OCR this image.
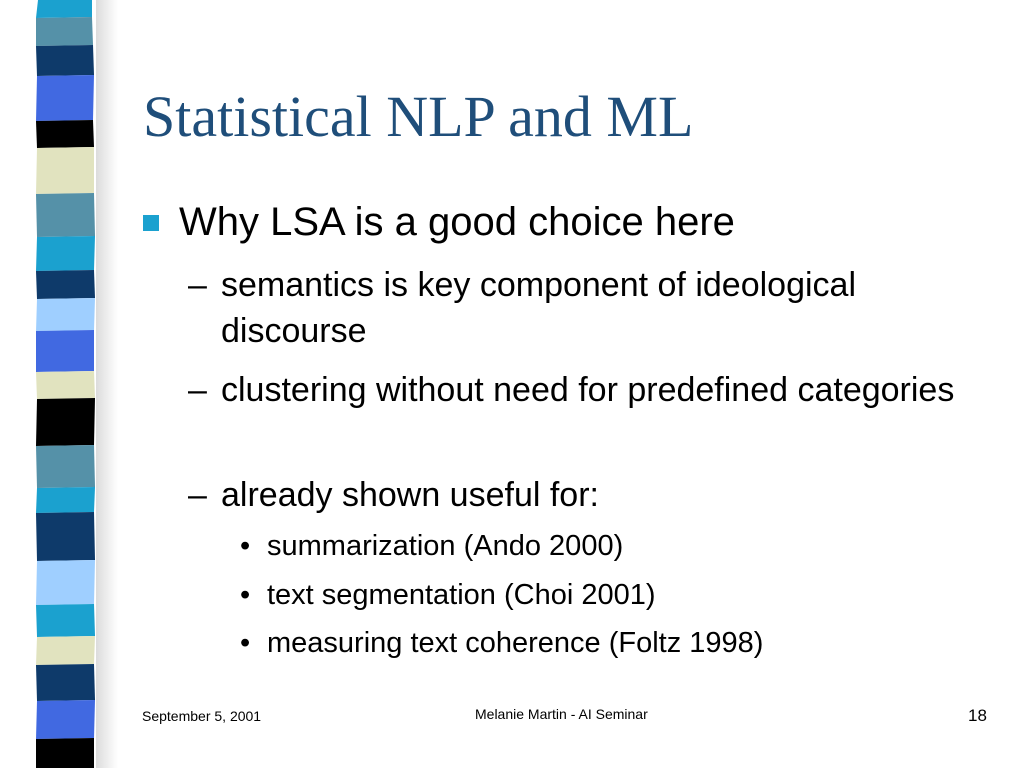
Statistical NLP and ML
Why LSA is a good choice here
– semantics is key component of ideological discourse
– clustering without need for predefined categories
– already shown useful for:
• summarization (Ando 2000)
• text segmentation (Choi 2001)
• measuring text coherence (Foltz 1998)
September 5, 2001	Melanie Martin - AI Seminar	18
